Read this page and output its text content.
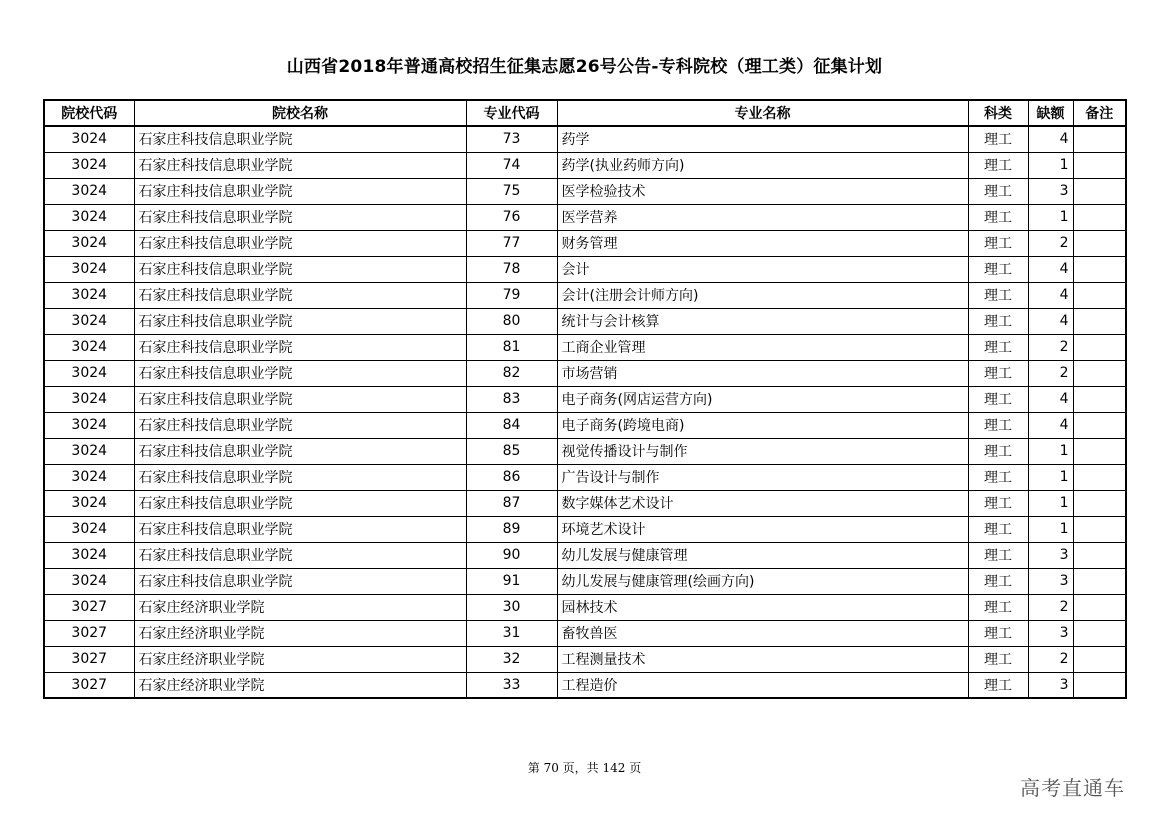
山西省2018年普通高校招生征集志愿26号公告-专科院校（理工类）征集计划
院校代码	院校名称	专业代码	专业名称	科类	缺额	备注
3024	石家庄科技信息职业学院	73	药学	理工	4	
3024	石家庄科技信息职业学院	74	药学(执业药师方向)	理工	1	
3024	石家庄科技信息职业学院	75	医学检验技术	理工	3	
3024	石家庄科技信息职业学院	76	医学营养	理工	1	
3024	石家庄科技信息职业学院	77	财务管理	理工	2	
3024	石家庄科技信息职业学院	78	会计	理工	4	
3024	石家庄科技信息职业学院	79	会计(注册会计师方向)	理工	4	
3024	石家庄科技信息职业学院	80	统计与会计核算	理工	4	
3024	石家庄科技信息职业学院	81	工商企业管理	理工	2	
3024	石家庄科技信息职业学院	82	市场营销	理工	2	
3024	石家庄科技信息职业学院	83	电子商务(网店运营方向)	理工	4	
3024	石家庄科技信息职业学院	84	电子商务(跨境电商)	理工	4	
3024	石家庄科技信息职业学院	85	视觉传播设计与制作	理工	1	
3024	石家庄科技信息职业学院	86	广告设计与制作	理工	1	
3024	石家庄科技信息职业学院	87	数字媒体艺术设计	理工	1	
3024	石家庄科技信息职业学院	89	环境艺术设计	理工	1	
3024	石家庄科技信息职业学院	90	幼儿发展与健康管理	理工	3	
3024	石家庄科技信息职业学院	91	幼儿发展与健康管理(绘画方向)	理工	3	
3027	石家庄经济职业学院	30	园林技术	理工	2	
3027	石家庄经济职业学院	31	畜牧兽医	理工	3	
3027	石家庄经济职业学院	32	工程测量技术	理工	2	
3027	石家庄经济职业学院	33	工程造价	理工	3	
第 70 页，共 142 页
高考直通车
